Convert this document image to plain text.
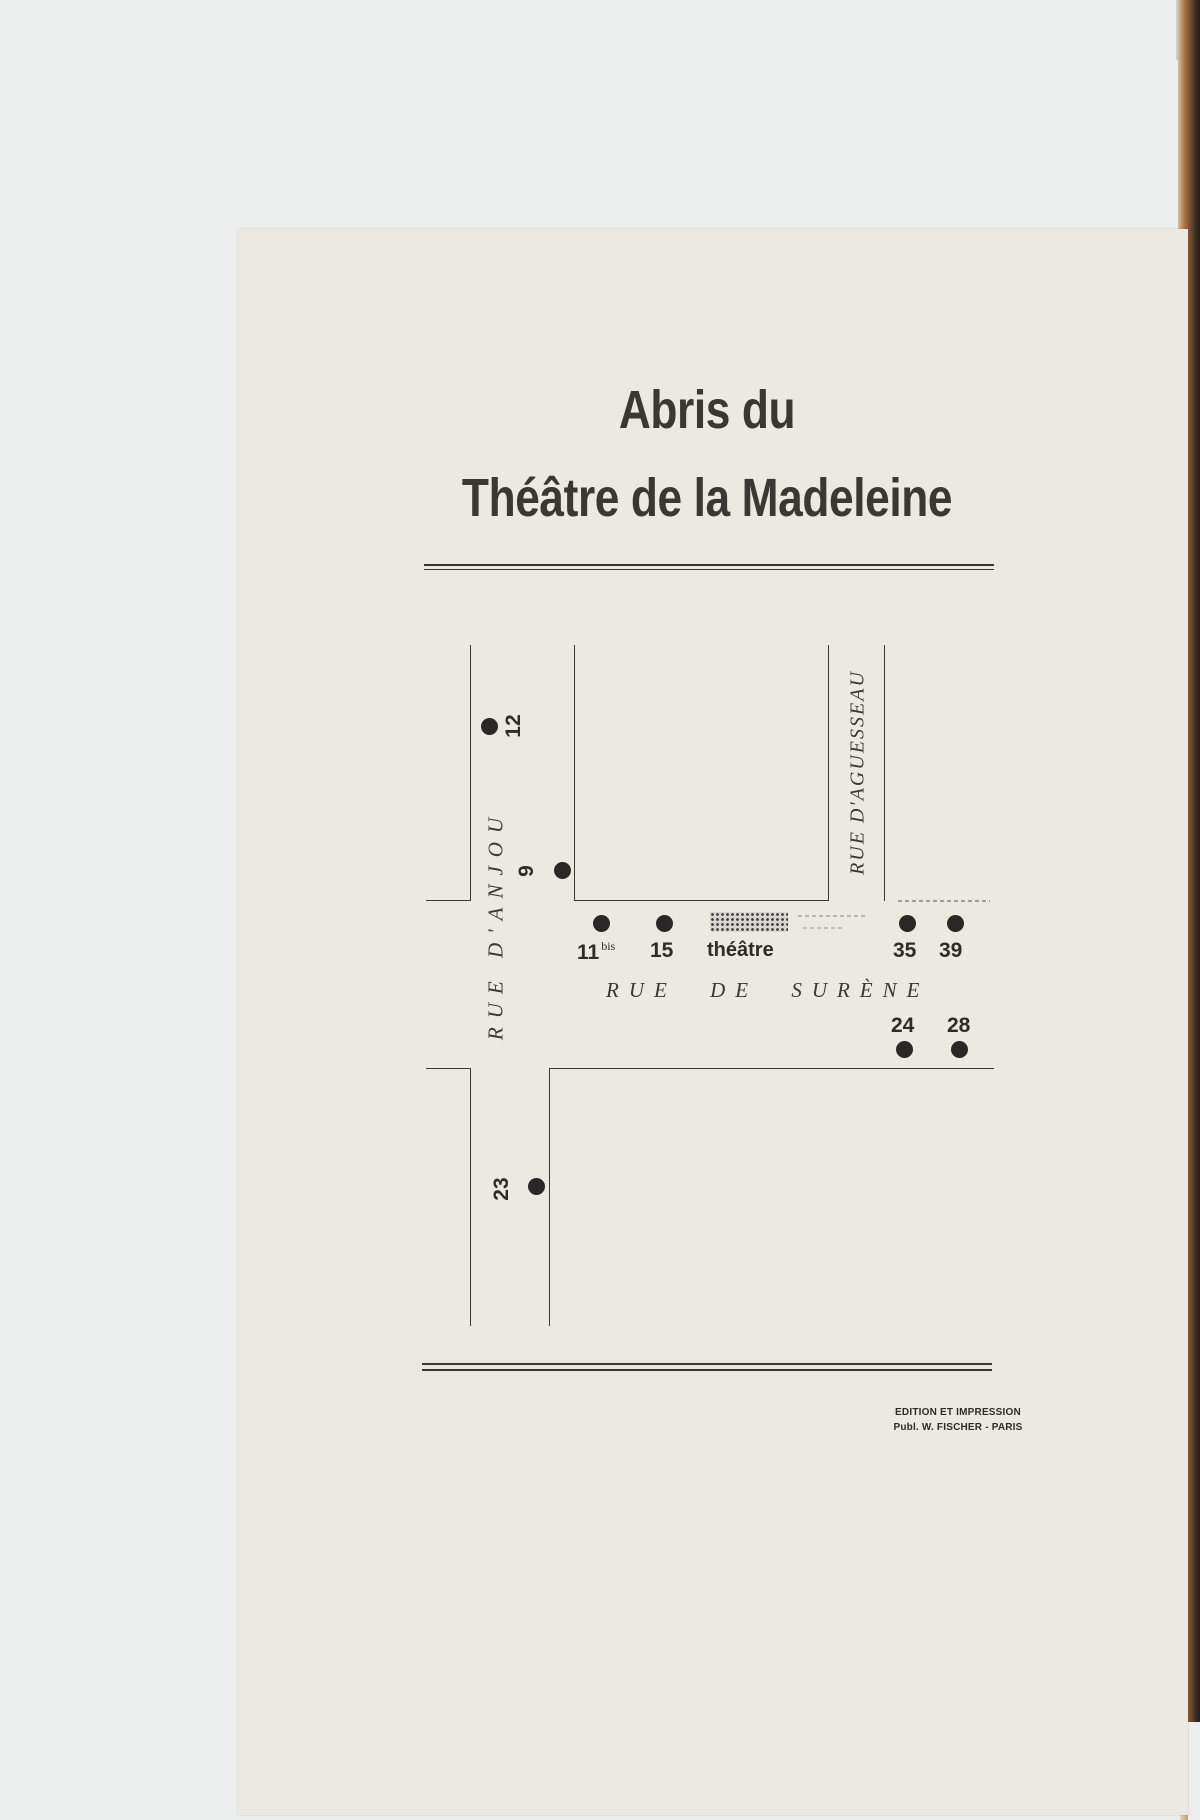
Abris du
Théâtre de la Madeleine
RUE D'ANJOU
RUE D'AGUESSEAU
RUE DE SURÈNE
12
9
11 $^{bis}$ 15 théâtre	35 39
24 28
23
EDITION ET IMPRESSION
Publ. W. FISCHER - PARIS
